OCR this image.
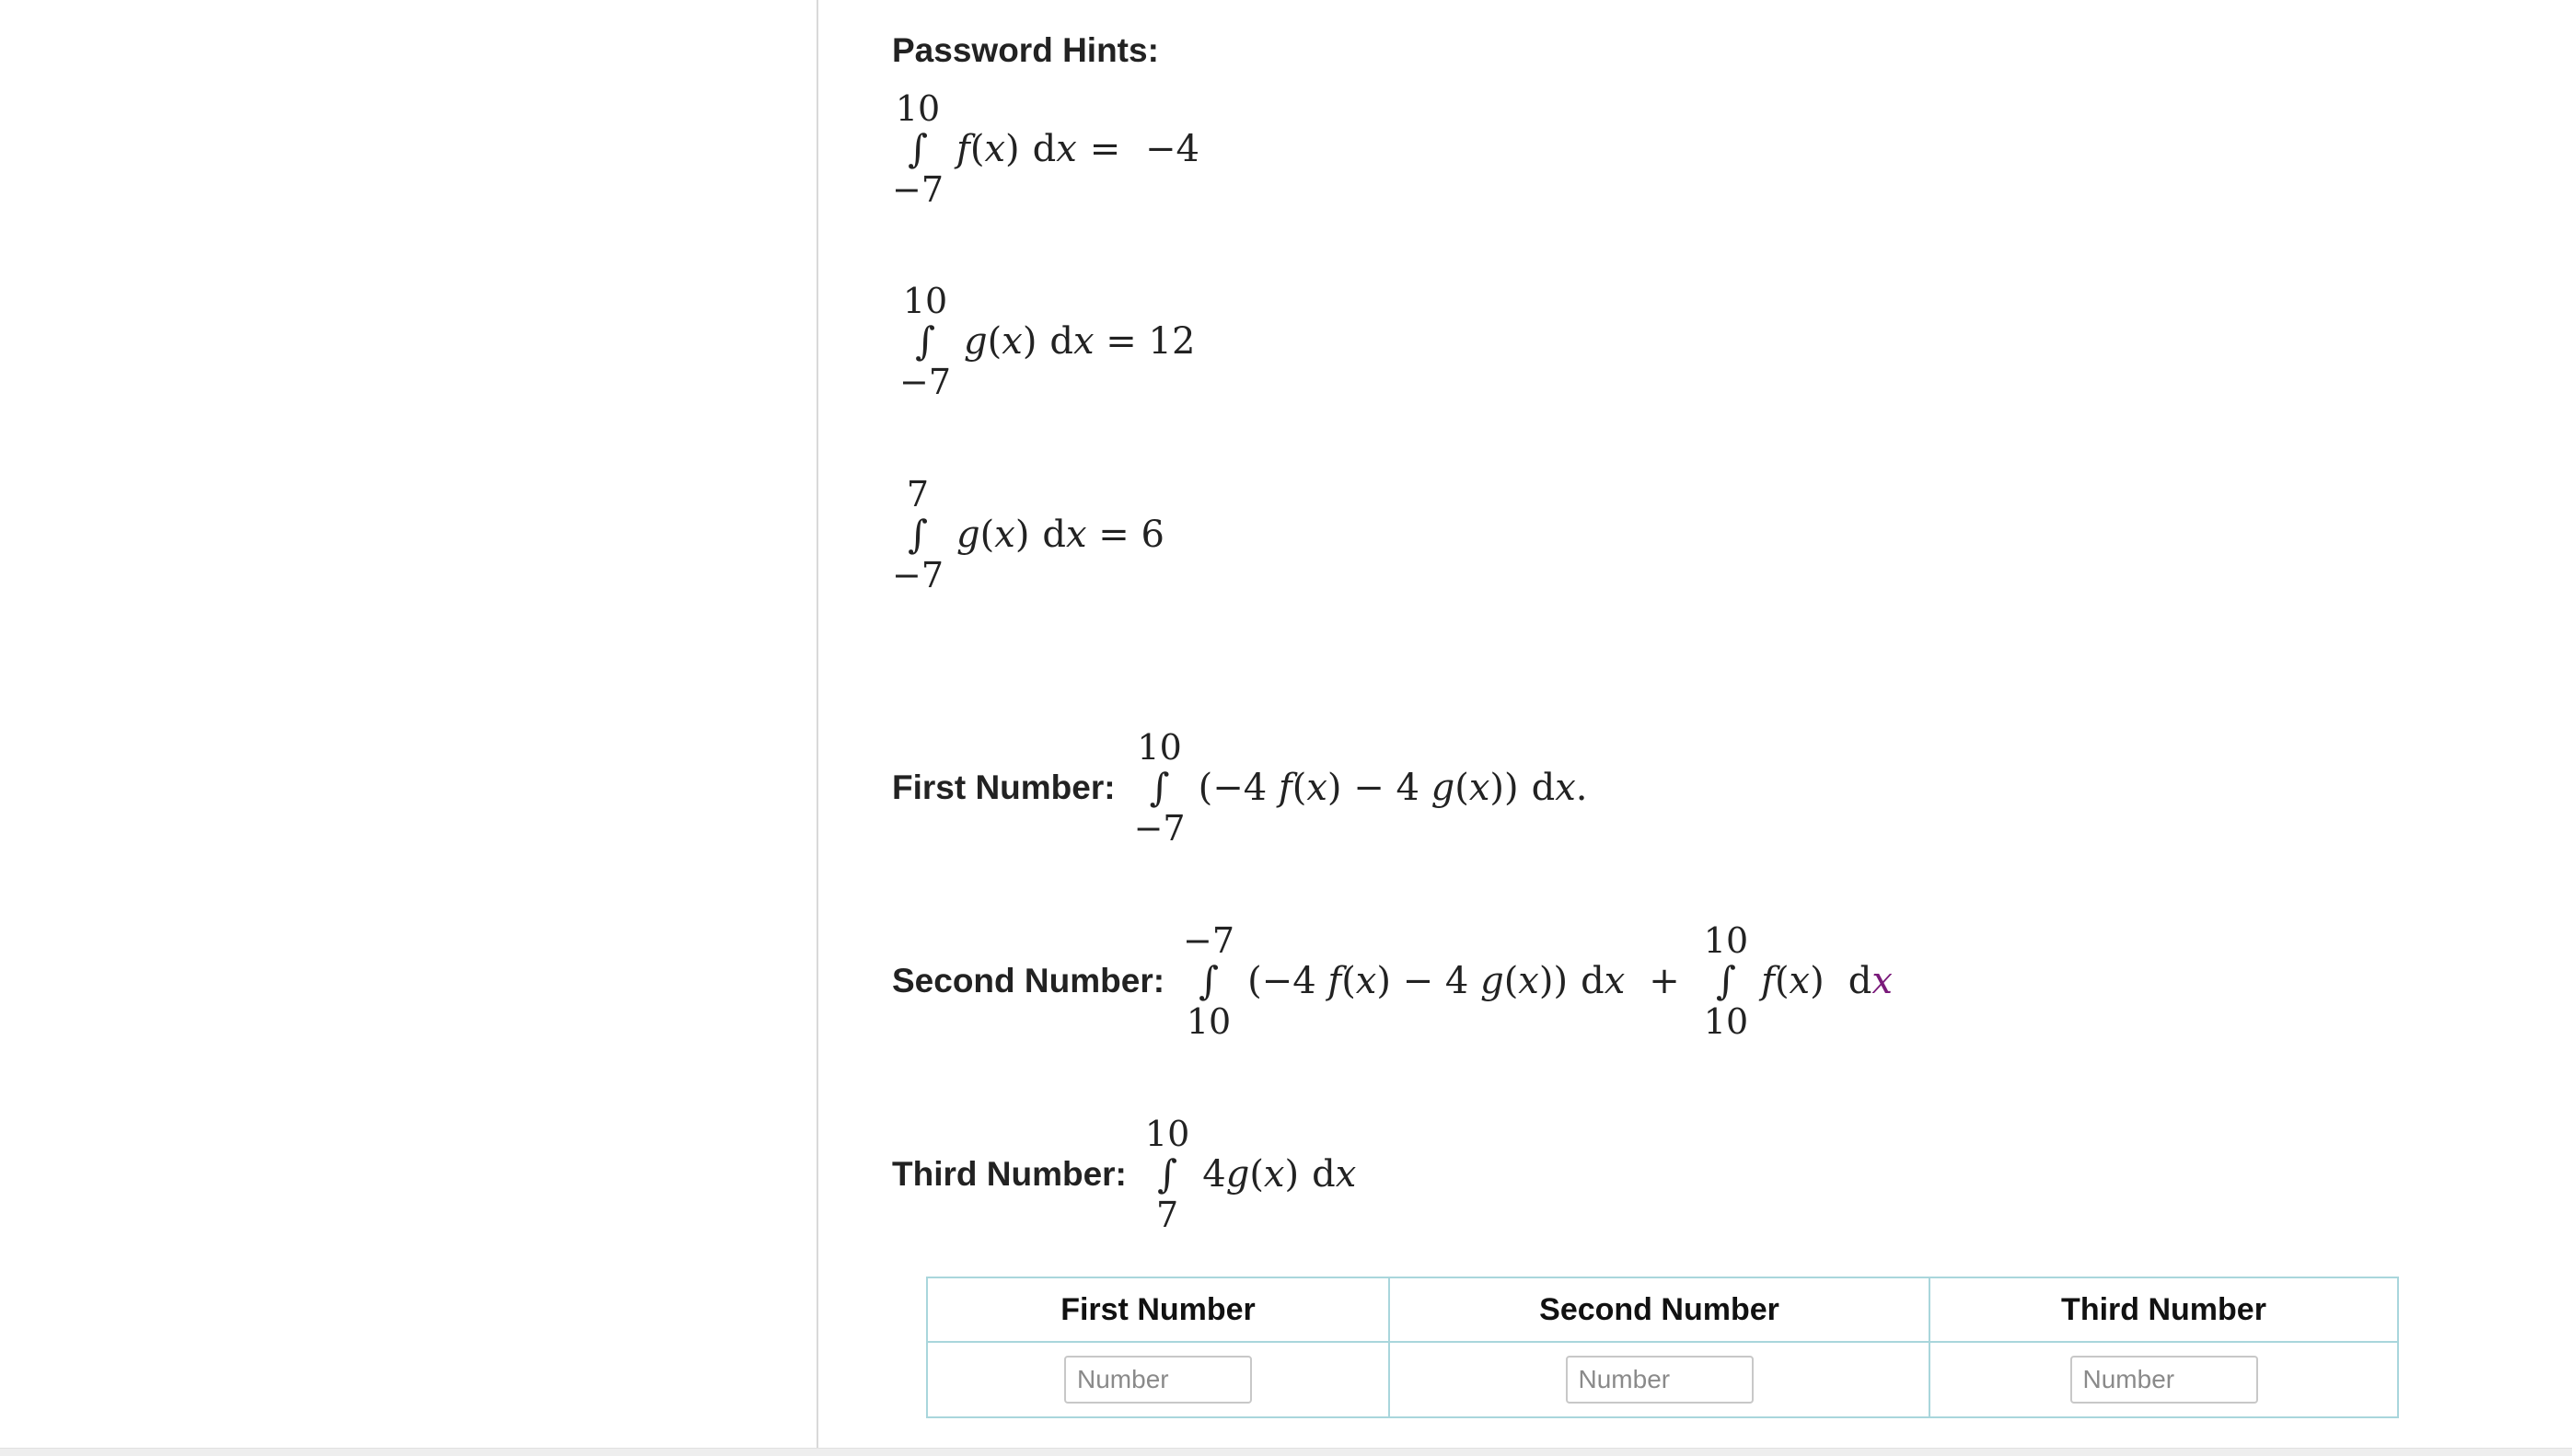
Password Hints:
10
∫
−7
f(x) dx = −4
10
∫
−7
g(x) dx = 12
7
∫
−7
g(x) dx = 6
First Number:
10
∫
−7
(−4 f(x) − 4 g(x)) dx.
Second Number:
−7
∫
10
(−4 f(x) − 4 g(x)) dx +
10
∫
10
f(x) dx
Third Number:
10
∫
7
4g(x) dx
First Number	Second Number	Third Number
Number	Number	Number
